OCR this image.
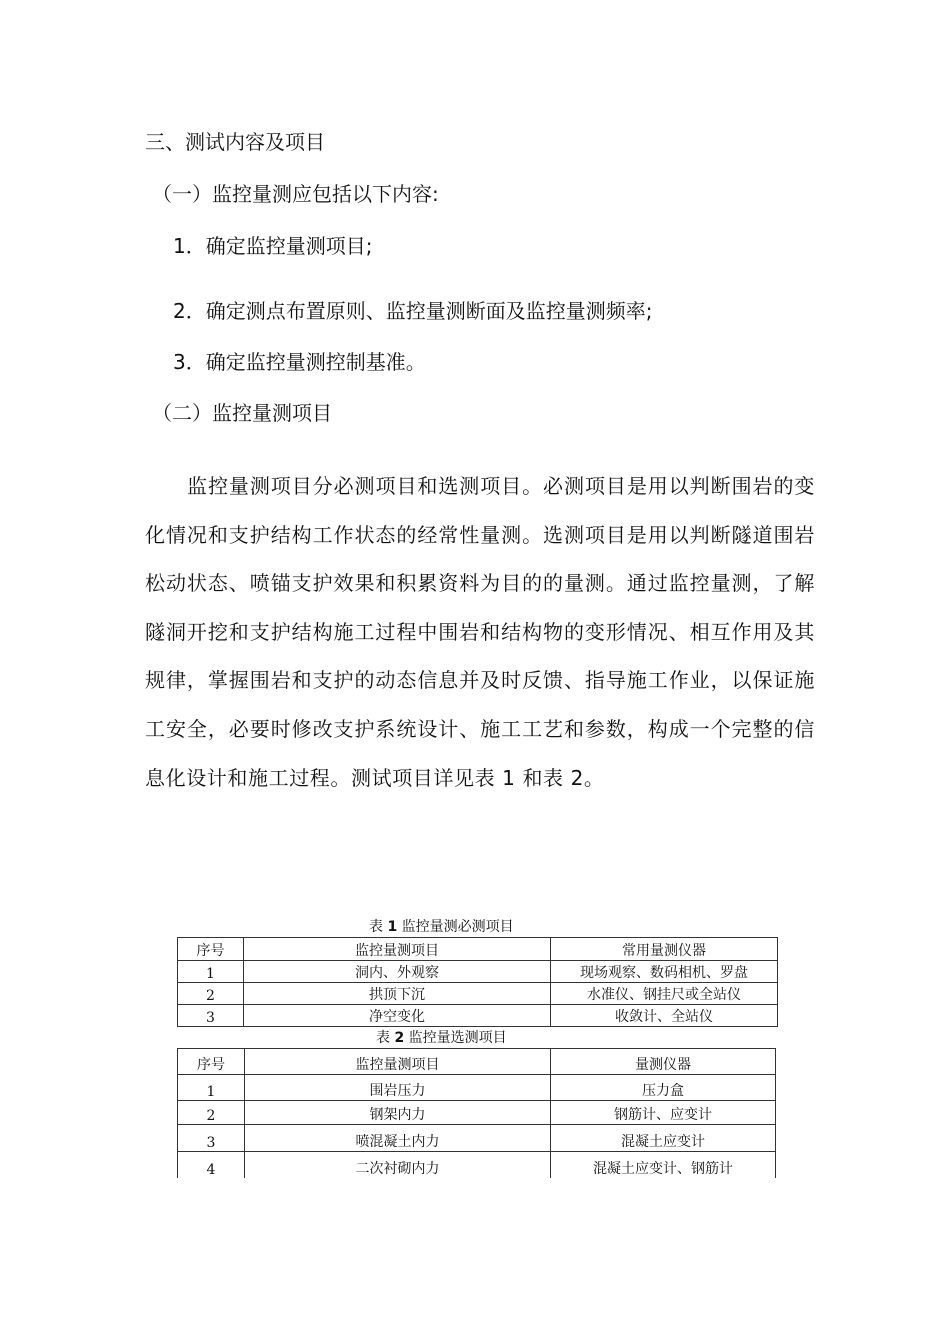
三、测试内容及项目
（一）监控量测应包括以下内容:
1．确定监控量测项目;
2．确定测点布置原则、监控量测断面及监控量测频率;
3．确定监控量测控制基准。
（二）监控量测项目

监控量测项目分必测项目和选测项目。必测项目是用以判断围岩的变化情况和支护结构工作状态的经常性量测。选测项目是用以判断隧道围岩松动状态、喷锚支护效果和积累资料为目的的量测。通过监控量测，了解隧洞开挖和支护结构施工过程中围岩和结构物的变形情况、相互作用及其规律，掌握围岩和支护的动态信息并及时反馈、指导施工作业，以保证施工安全，必要时修改支护系统设计、施工工艺和参数，构成一个完整的信息化设计和施工过程。测试项目详见表 1 和表 2。

表 1 监控量测必测项目
序号	监控量测项目	常用量测仪器
1	洞内、外观察	现场观察、数码相机、罗盘
2	拱顶下沉	水准仪、钢挂尺或全站仪
3	净空变化	收敛计、全站仪
表 2 监控量选测项目
序号	监控量测项目	量测仪器
1	围岩压力	压力盒
2	钢架内力	钢筋计、应变计
3	喷混凝土内力	混凝土应变计
4	二次衬砌内力	混凝土应变计、钢筋计
